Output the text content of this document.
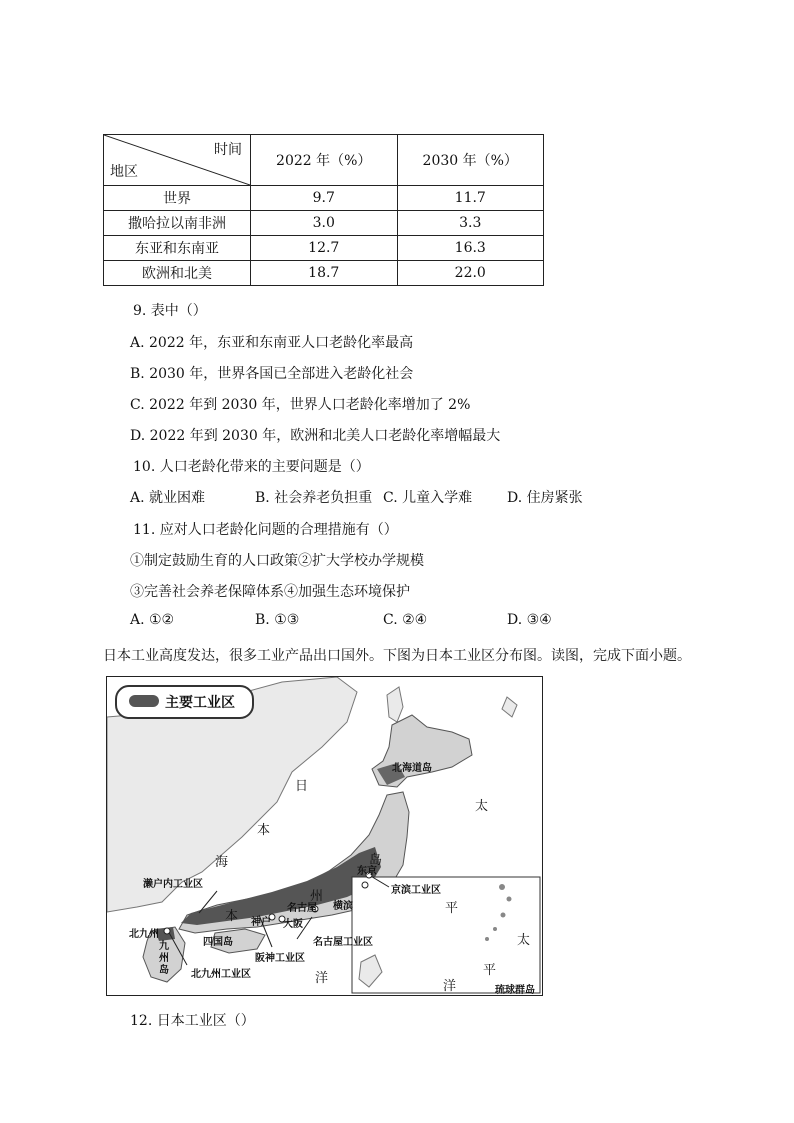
时间
地区	2022 年（%）	2030 年（%）
世界	9.7	11.7
撒哈拉以南非洲	3.0	3.3
东亚和东南亚	12.7	16.3
欧洲和北美	18.7	22.0
9. 表中（）
A. 2022 年，东亚和东南亚人口老龄化率最高
B. 2030 年，世界各国已全部进入老龄化社会
C. 2022 年到 2030 年，世界人口老龄化率增加了 2%
D. 2022 年到 2030 年，欧洲和北美人口老龄化率增幅最大
10. 人口老龄化带来的主要问题是（）
A. 就业困难	B. 社会养老负担重 C. 儿童入学难 D. 住房紧张
11. 应对人口老龄化问题的合理措施有（）
①制定鼓励生育的人口政策②扩大学校办学规模
③完善社会养老保障体系④加强生态环境保护
A. ①②	B. ①③	C. ②④	D. ③④
日本工业高度发达，很多工业产品出口国外。下图为日本工业区分布图。读图，完成下面小题。
主要工业区
北海道岛
日
本
海	岛
州
本
太
平
洋
太
平
洋
东京
京滨工业区
横滨
名古屋
名古屋工业区
神户 大阪
阪神工业区
濑户内工业区
北九州
北九州工业区
四国岛
九州岛
琉球群岛
12. 日本工业区（）
